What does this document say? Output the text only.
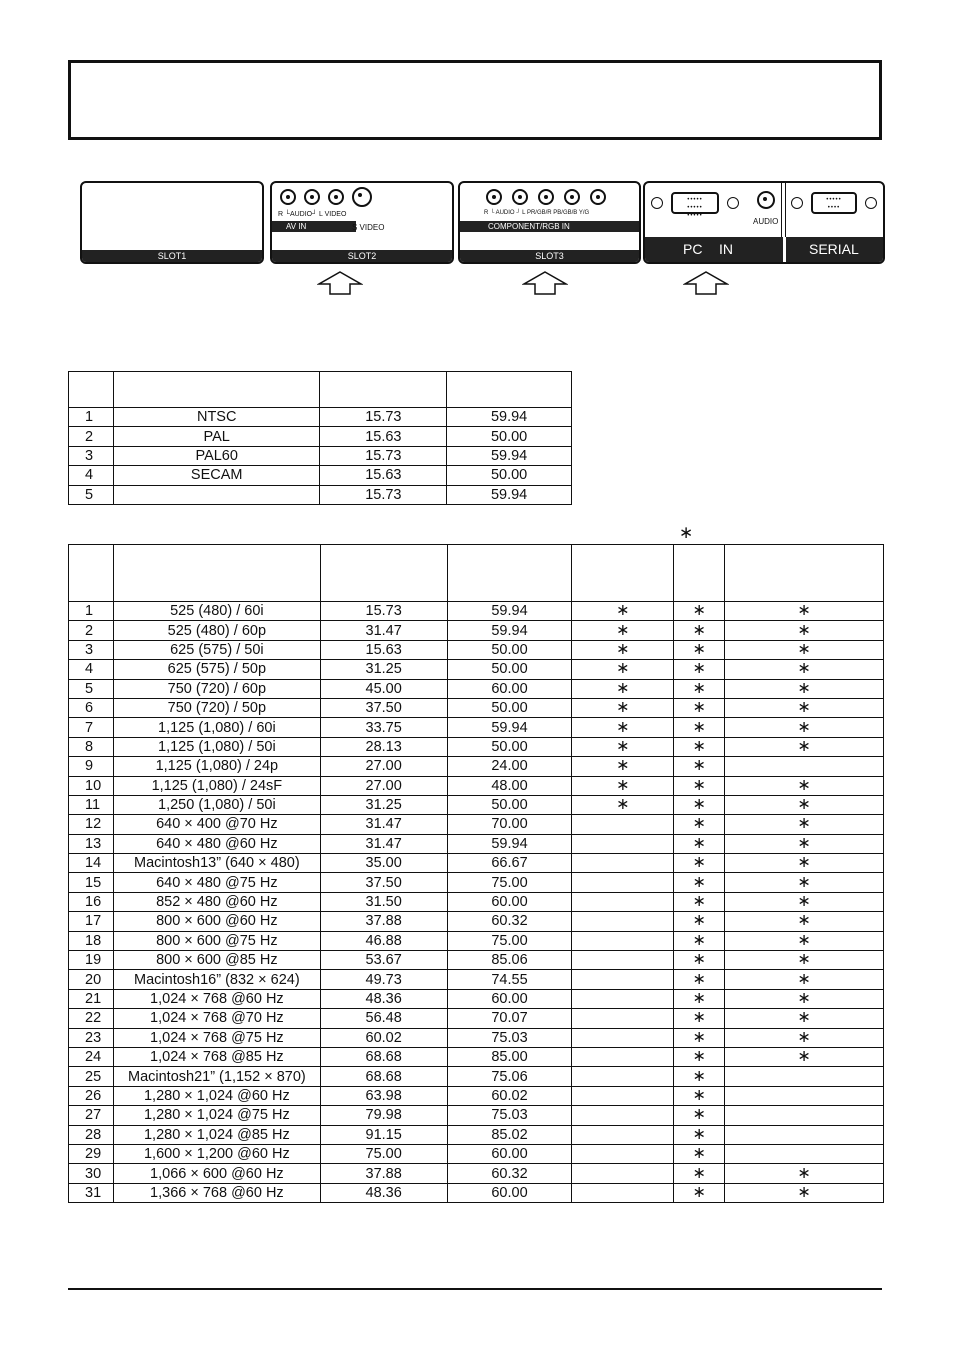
SLOT1
R └AUDIO┘ L VIDEO
AV IN	S VIDEO
SLOT2
R └ AUDIO ┘ L PR/GB/R PB/GB/B Y/G
COMPONENT/RGB IN
SLOT3
•••••
•••••
•••••
AUDIO
•••••
••••
PC IN	SERIAL

1	NTSC	15.73	59.94
2	PAL	15.63	50.00
3	PAL60	15.73	59.94
4	SECAM	15.63	50.00
5		15.73	59.94
∗

1	525 (480) / 60i	15.73	59.94	∗	∗	∗
2	525 (480) / 60p	31.47	59.94	∗	∗	∗
3	625 (575) / 50i	15.63	50.00	∗	∗	∗
4	625 (575) / 50p	31.25	50.00	∗	∗	∗
5	750 (720) / 60p	45.00	60.00	∗	∗	∗
6	750 (720) / 50p	37.50	50.00	∗	∗	∗
7	1,125 (1,080) / 60i	33.75	59.94	∗	∗	∗
8	1,125 (1,080) / 50i	28.13	50.00	∗	∗	∗
9	1,125 (1,080) / 24p	27.00	24.00	∗	∗	
10	1,125 (1,080) / 24sF	27.00	48.00	∗	∗	∗
11	1,250 (1,080) / 50i	31.25	50.00	∗	∗	∗
12	640 × 400 @70 Hz	31.47	70.00		∗	∗
13	640 × 480 @60 Hz	31.47	59.94		∗	∗
14	Macintosh13” (640 × 480)	35.00	66.67		∗	∗
15	640 × 480 @75 Hz	37.50	75.00		∗	∗
16	852 × 480 @60 Hz	31.50	60.00		∗	∗
17	800 × 600 @60 Hz	37.88	60.32		∗	∗
18	800 × 600 @75 Hz	46.88	75.00		∗	∗
19	800 × 600 @85 Hz	53.67	85.06		∗	∗
20	Macintosh16” (832 × 624)	49.73	74.55		∗	∗
21	1,024 × 768 @60 Hz	48.36	60.00		∗	∗
22	1,024 × 768 @70 Hz	56.48	70.07		∗	∗
23	1,024 × 768 @75 Hz	60.02	75.03		∗	∗
24	1,024 × 768 @85 Hz	68.68	85.00		∗	∗
25	Macintosh21” (1,152 × 870)	68.68	75.06		∗	
26	1,280 × 1,024 @60 Hz	63.98	60.02		∗	
27	1,280 × 1,024 @75 Hz	79.98	75.03		∗	
28	1,280 × 1,024 @85 Hz	91.15	85.02		∗	
29	1,600 × 1,200 @60 Hz	75.00	60.00		∗	
30	1,066 × 600 @60 Hz	37.88	60.32		∗	∗
31	1,366 × 768 @60 Hz	48.36	60.00		∗	∗
